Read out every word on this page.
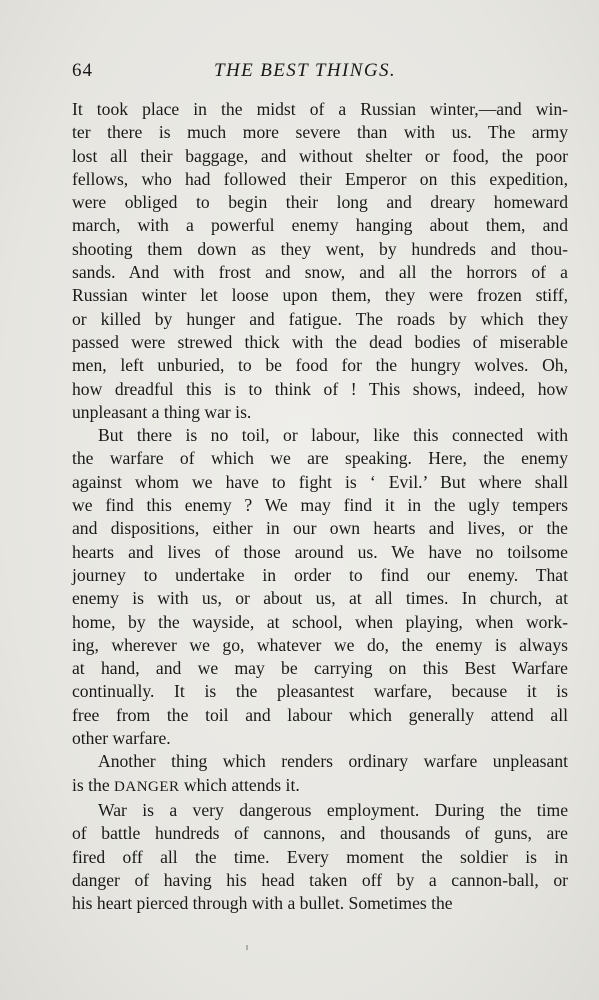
64	THE BEST THINGS.

It took place in the midst of a Russian winter,—and win-
ter there is much more severe than with us. The army
lost all their baggage, and without shelter or food, the poor
fellows, who had followed their Emperor on this expedition,
were obliged to begin their long and dreary homeward
march, with a powerful enemy hanging about them, and
shooting them down as they went, by hundreds and thou-
sands. And with frost and snow, and all the horrors of a
Russian winter let loose upon them, they were frozen stiff,
or killed by hunger and fatigue. The roads by which they
passed were strewed thick with the dead bodies of miserable
men, left unburied, to be food for the hungry wolves. Oh,
how dreadful this is to think of ! This shows, indeed, how
unpleasant a thing war is.

But there is no toil, or labour, like this connected with
the warfare of which we are speaking. Here, the enemy
against whom we have to fight is ‘ Evil.’ But where shall
we find this enemy ? We may find it in the ugly tempers
and dispositions, either in our own hearts and lives, or the
hearts and lives of those around us. We have no toilsome
journey to undertake in order to find our enemy. That
enemy is with us, or about us, at all times. In church, at
home, by the wayside, at school, when playing, when work-
ing, wherever we go, whatever we do, the enemy is always
at hand, and we may be carrying on this Best Warfare
continually. It is the pleasantest warfare, because it is
free from the toil and labour which generally attend all
other warfare.

Another thing which renders ordinary warfare unpleasant
is the DANGER which attends it.

War is a very dangerous employment. During the time
of battle hundreds of cannons, and thousands of guns, are
fired off all the time. Every moment the soldier is in
danger of having his head taken off by a cannon-ball, or
his heart pierced through with a bullet. Sometimes the
